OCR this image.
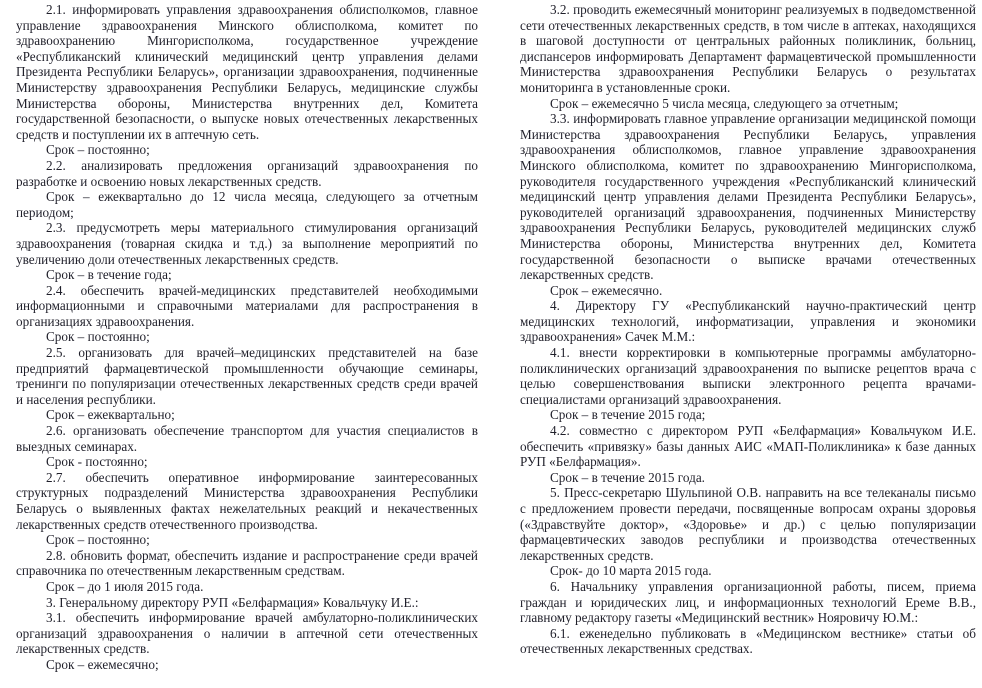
2.1. информировать управления здравоохранения облисполкомов, главное управление здравоохранения Минского облисполкома, комитет по здравоохранению Мингорисполкома, государственное учреждение «Республиканский клинический медицинский центр управления делами Президента Республики Беларусь», организации здравоохранения, подчиненные Министерству здравоохранения Республики Беларусь, медицинские службы Министерства обороны, Министерства внутренних дел, Комитета государственной безопасности, о выпуске новых отечественных лекарственных средств и поступлении их в аптечную сеть.

Срок – постоянно;

2.2. анализировать предложения организаций здравоохранения по разработке и освоению новых лекарственных средств.

Срок – ежеквартально до 12 числа месяца, следующего за отчетным периодом;

2.3. предусмотреть меры материального стимулирования организаций здравоохранения (товарная скидка и т.д.) за выполнение мероприятий по увеличению доли отечественных лекарственных средств.

Срок – в течение года;

2.4. обеспечить врачей-медицинских представителей необходимыми информационными и справочными материалами для распространения в организациях здравоохранения.

Срок – постоянно;

2.5. организовать для врачей–медицинских представителей на базе предприятий фармацевтической промышленности обучающие семинары, тренинги по популяризации отечественных лекарственных средств среди врачей и населения республики.

Срок – ежеквартально;

2.6. организовать обеспечение транспортом для участия специалистов в выездных семинарах.

Срок - постоянно;

2.7. обеспечить оперативное информирование заинтересованных структурных подразделений Министерства здравоохранения Республики Беларусь о выявленных фактах нежелательных реакций и некачественных лекарственных средств отечественного производства.

Срок – постоянно;

2.8. обновить формат, обеспечить издание и распространение среди врачей справочника по отечественным лекарственным средствам.

Срок – до 1 июля 2015 года.

3. Генеральному директору РУП «Белфармация» Ковальчуку И.Е.:

3.1. обеспечить информирование врачей амбулаторно-поликлинических организаций здравоохранения о наличии в аптечной сети отечественных лекарственных средств.

Срок – ежемесячно;

3.2. проводить ежемесячный мониторинг реализуемых в подведомственной сети отечественных лекарственных средств, в том числе в аптеках, находящихся в шаговой доступности от центральных районных поликлиник, больниц, диспансеров информировать Департамент фармацевтической промышленности Министерства здравоохранения Республики Беларусь о результатах мониторинга в установленные сроки.

Срок – ежемесячно 5 числа месяца, следующего за отчетным;

3.3. информировать главное управление организации медицинской помощи Министерства здравоохранения Республики Беларусь, управления здравоохранения облисполкомов, главное управление здравоохранения Минского облисполкома, комитет по здравоохранению Мингорисполкома, руководителя государственного учреждения «Республиканский клинический медицинский центр управления делами Президента Республики Беларусь», руководителей организаций здравоохранения, подчиненных Министерству здравоохранения Республики Беларусь, руководителей медицинских служб Министерства обороны, Министерства внутренних дел, Комитета государственной безопасности о выписке врачами отечественных лекарственных средств.

Срок – ежемесячно.

4. Директору ГУ «Республиканский научно-практический центр медицинских технологий, информатизации, управления и экономики здравоохранения» Сачек М.М.:

4.1. внести корректировки в компьютерные программы амбулаторно-поликлинических организаций здравоохранения по выписке рецептов врача с целью совершенствования выписки электронного рецепта врачами-специалистами организаций здравоохранения.

Срок – в течение 2015 года;

4.2. совместно с директором РУП «Белфармация» Ковальчуком И.Е. обеспечить «привязку» базы данных АИС «МАП-Поликлиника» к базе данных РУП «Белфармация».

Срок – в течение 2015 года.

5. Пресс-секретарю Шульпиной О.В. направить на все телеканалы письмо с предложением провести передачи, посвященные вопросам охраны здоровья («Здравствуйте доктор», «Здоровье» и др.) с целью популяризации фармацевтических заводов республики и производства отечественных лекарственных средств.

Срок- до 10 марта 2015 года.

6. Начальнику управления организационной работы, писем, приема граждан и юридических лиц, и информационных технологий Ереме В.В., главному редактору газеты «Медицинский вестник» Нояровичу Ю.М.:

6.1. еженедельно публиковать в «Медицинском вестнике» статьи об отечественных лекарственных средствах.
